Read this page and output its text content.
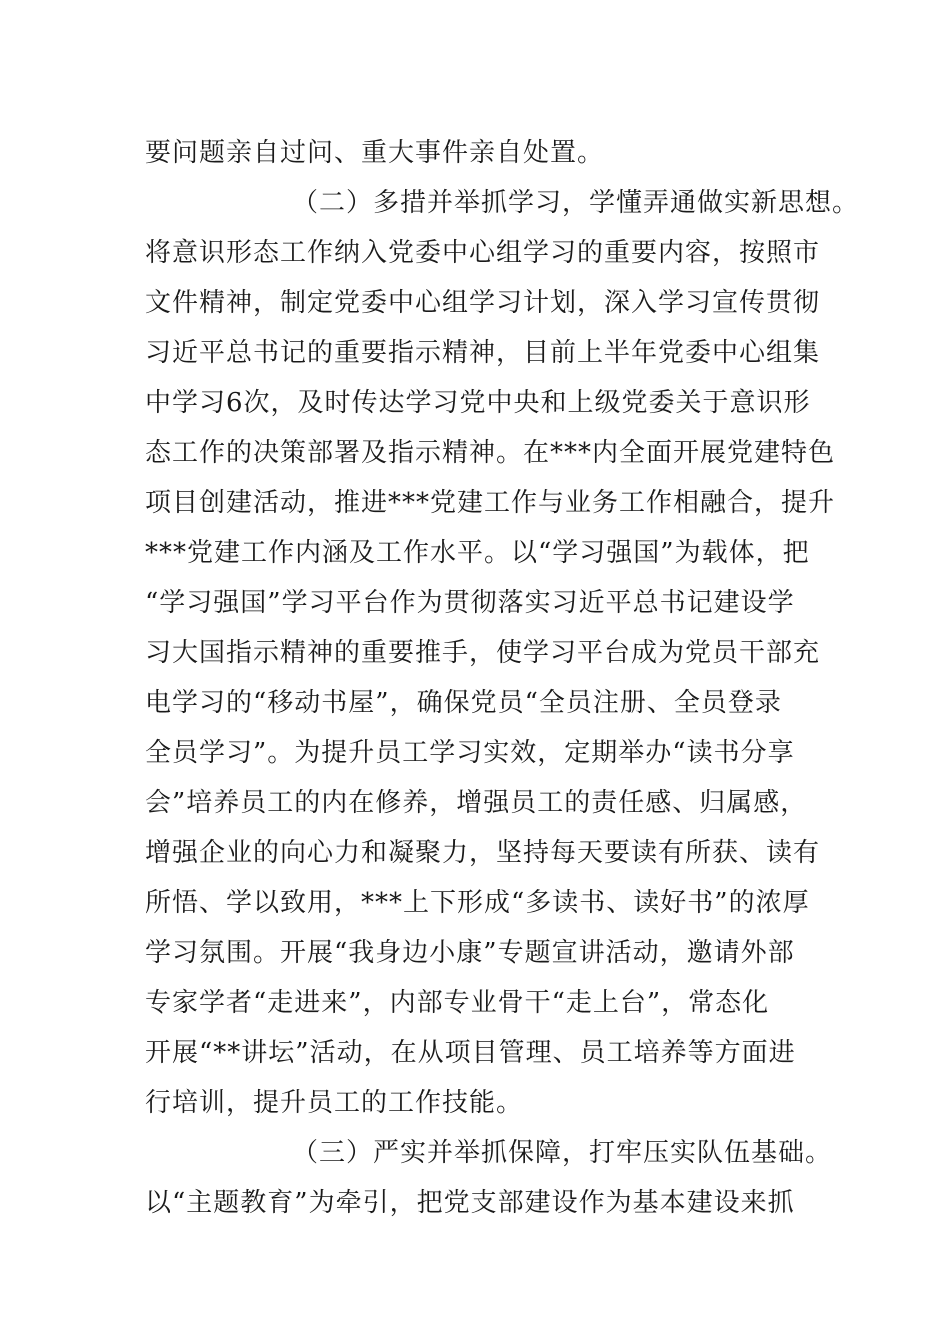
要问题亲自过问、重大事件亲自处置。
（二）多措并举抓学习，学懂弄通做实新思想。
将意识形态工作纳入党委中心组学习的重要内容，按照市
文件精神，制定党委中心组学习计划，深入学习宣传贯彻
习近平总书记的重要指示精神，目前上半年党委中心组集
中学习6次，及时传达学习党中央和上级党委关于意识形
态工作的决策部署及指示精神。在***内全面开展党建特色
项目创建活动，推进***党建工作与业务工作相融合，提升
***党建工作内涵及工作水平。以“学习强国”为载体，把
“学习强国”学习平台作为贯彻落实习近平总书记建设学
习大国指示精神的重要推手，使学习平台成为党员干部充
电学习的“移动书屋”，确保党员“全员注册、全员登录
全员学习”。为提升员工学习实效，定期举办“读书分享
会”培养员工的内在修养，增强员工的责任感、归属感，
增强企业的向心力和凝聚力，坚持每天要读有所获、读有
所悟、学以致用，***上下形成“多读书、读好书”的浓厚
学习氛围。开展“我身边小康”专题宣讲活动，邀请外部
专家学者“走进来”，内部专业骨干“走上台”，常态化
开展“**讲坛”活动，在从项目管理、员工培养等方面进
行培训，提升员工的工作技能。
（三）严实并举抓保障，打牢压实队伍基础。
以“主题教育”为牵引，把党支部建设作为基本建设来抓
